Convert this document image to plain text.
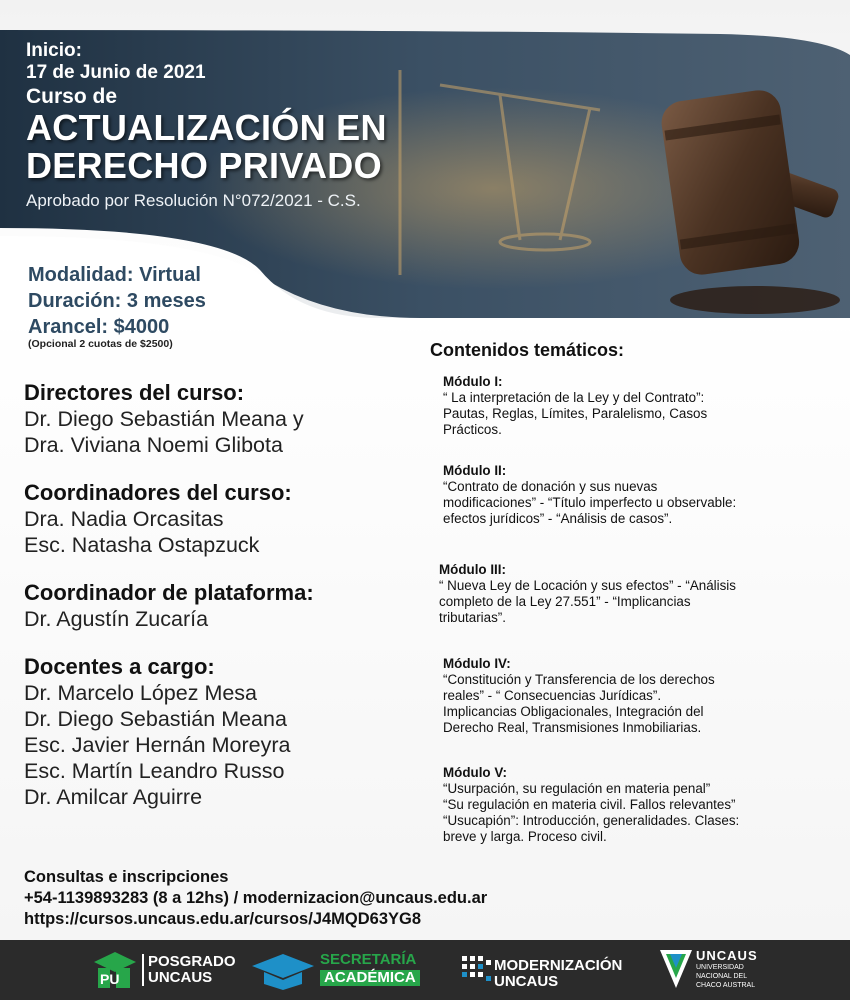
Inicio:
17 de Junio de 2021
Curso de
ACTUALIZACIÓN EN
DERECHO PRIVADO
Aprobado por Resolución N°072/2021 - C.S.
Modalidad: Virtual
Duración: 3 meses
Arancel: $4000
(Opcional 2 cuotas de $2500)
Directores del curso:
Dr. Diego Sebastián Meana y
Dra. Viviana Noemi Glibota
Coordinadores del curso:
Dra. Nadia Orcasitas
Esc. Natasha Ostapzuck
Coordinador de plataforma:
Dr. Agustín Zucaría
Docentes a cargo:
Dr. Marcelo López Mesa
Dr. Diego Sebastián Meana
Esc. Javier Hernán Moreyra
Esc. Martín Leandro Russo
Dr. Amilcar Aguirre
Contenidos temáticos:
Módulo I:
“ La interpretación de la Ley y del Contrato”:
Pautas, Reglas, Límites, Paralelismo, Casos
Prácticos.
Módulo II:
“Contrato de donación y sus nuevas
modificaciones” - “Título imperfecto u observable:
efectos jurídicos” - “Análisis de casos”.
Módulo III:
“ Nueva Ley de Locación y sus efectos” - “Análisis
completo de la Ley 27.551” - “Implicancias
tributarias”.
Módulo IV:
“Constitución y Transferencia de los derechos
reales” - “ Consecuencias Jurídicas”.
Implicancias Obligacionales, Integración del
Derecho Real, Transmisiones Inmobiliarias.
Módulo V:
“Usurpación, su regulación en materia penal”
“Su regulación en materia civil. Fallos relevantes”
“Usucapión”: Introducción, generalidades. Clases:
breve y larga. Proceso civil.
Consultas e inscripciones
+54-1139893283 (8 a 12hs) / modernizacion@uncaus.edu.ar
https://cursos.uncaus.edu.ar/cursos/J4MQD63YG8
PU
POSGRADO
UNCAUS
SECRETARÍA
ACADÉMICA
MODERNIZACIÓN
UNCAUS
UNCAUS
UNIVERSIDAD
NACIONAL DEL
CHACO AUSTRAL
